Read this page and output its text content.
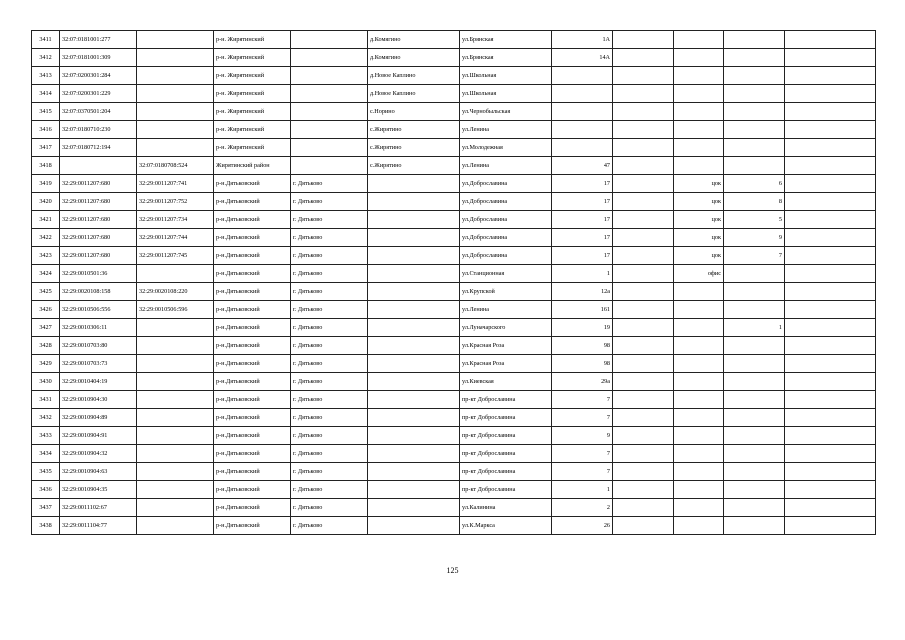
3411	32:07:0181001:277		р-н. Жирятинский		д.Комягино	ул.Брянская	1А				
3412	32:07:0181001:309		р-н. Жирятинский		д.Комягино	ул.Брянская	14А				
3413	32:07:0200301:284		р-н. Жирятинский		д.Новое Каплино	ул.Школьная					
3414	32:07:0200301:229		р-н. Жирятинский		д.Новое Каплино	ул.Школьная					
3415	32:07:0370501:204		р-н. Жирятинский		с.Норино	ул.Чернобыльская					
3416	32:07:0180710:230		р-н. Жирятинский		с.Жирятино	ул.Ленина					
3417	32:07:0180712:194		р-н. Жирятинский		с.Жирятино	ул.Молодежная					
3418		32:07:0180708:524	Жирятинский район		с.Жирятино	ул.Ленина	47				
3419	32:29:0011207:680	32:29:0011207:741	р-н.Дятьковский	г. Дятьково		ул.Доброславина	17		цок	6	
3420	32:29:0011207:680	32:29:0011207:752	р-н.Дятьковский	г. Дятьково		ул.Доброславина	17		цок	8	
3421	32:29:0011207:680	32:29:0011207:734	р-н.Дятьковский	г. Дятьково		ул.Доброславина	17		цок	5	
3422	32:29:0011207:680	32:29:0011207:744	р-н.Дятьковский	г. Дятьково		ул.Доброславина	17		цок	9	
3423	32:29:0011207:680	32:29:0011207:745	р-н.Дятьковский	г. Дятьково		ул.Доброславина	17		цок	7	
3424	32:29:0010501:36		р-н.Дятьковский	г. Дятьково		ул.Станционная	1		офис		
3425	32:29:0020108:158	32:29:0020108:220	р-н.Дятьковский	г. Дятьково		ул.Крупской	12а				
3426	32:29:0010506:556	32:29:0010506:596	р-н.Дятьковский	г. Дятьково		ул.Ленина	161				
3427	32:29:0010306:11		р-н.Дятьковский	г. Дятьково		ул.Луначарского	19			1	
3428	32:29:0010703:80		р-н.Дятьковский	г. Дятьково		ул.Красная Роза	98				
3429	32:29:0010703:73		р-н.Дятьковский	г. Дятьково		ул.Красная Роза	98				
3430	32:29:0010404:19		р-н.Дятьковский	г. Дятьково		ул.Киевская	29а				
3431	32:29:0010904:30		р-н.Дятьковский	г. Дятьково		пр-кт Доброславина	7				
3432	32:29:0010904:89		р-н.Дятьковский	г. Дятьково		пр-кт Доброславина	7				
3433	32:29:0010904:91		р-н.Дятьковский	г. Дятьково		пр-кт Доброславина	9				
3434	32:29:0010904:32		р-н.Дятьковский	г. Дятьково		пр-кт Доброславина	7				
3435	32:29:0010904:63		р-н.Дятьковский	г. Дятьково		пр-кт Доброславина	7				
3436	32:29:0010904:35		р-н.Дятьковский	г. Дятьково		пр-кт Доброславина	1				
3437	32:29:0011102:67		р-н.Дятьковский	г. Дятьково		ул.Калинина	2				
3438	32:29:0011104:77		р-н.Дятьковский	г. Дятьково		ул.К.Маркса	26				
125
